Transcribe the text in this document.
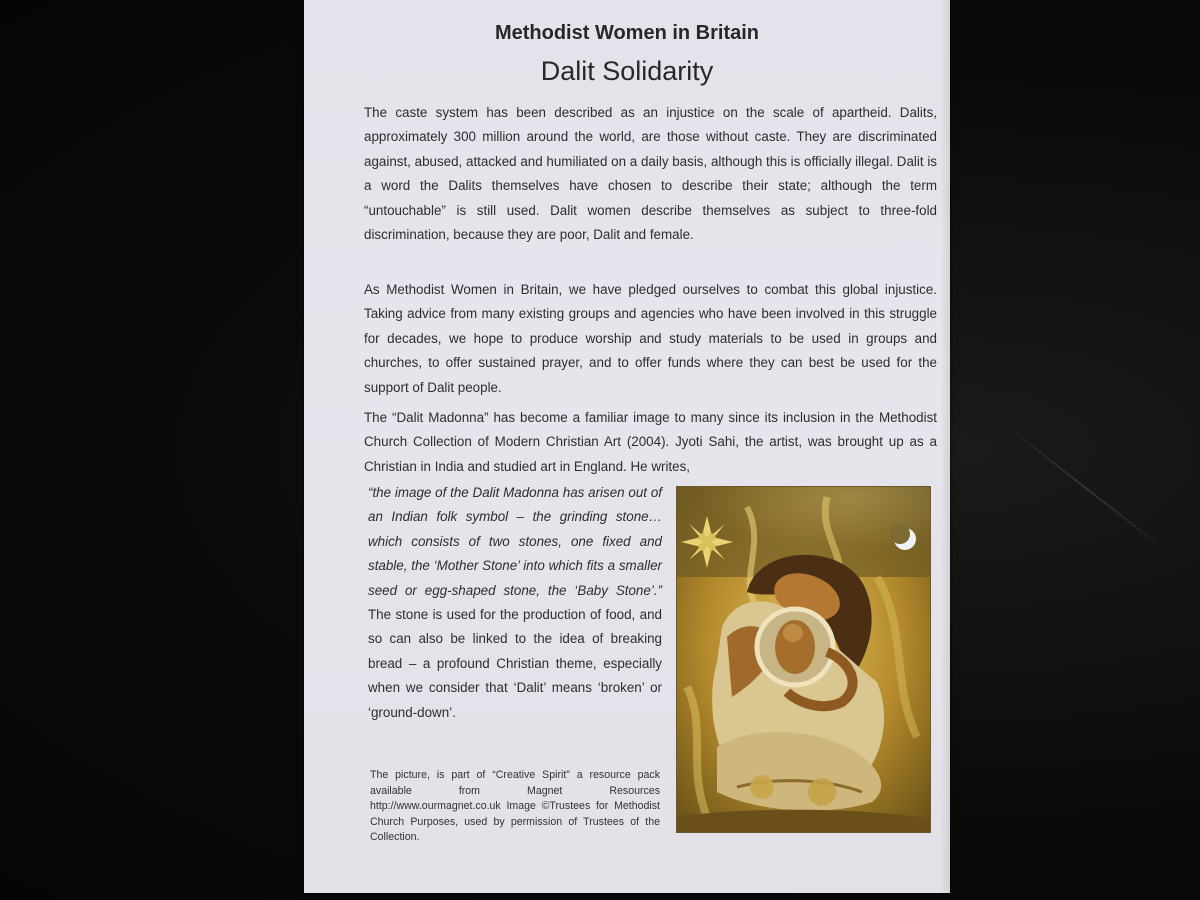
Methodist Women in Britain
Dalit Solidarity

The caste system has been described as an injustice on the scale of apartheid. Dalits, approximately 300 million around the world, are those without caste. They are discriminated against, abused, attacked and humiliated on a daily basis, although this is officially illegal. Dalit is a word the Dalits themselves have chosen to describe their state; although the term “untouchable” is still used. Dalit women describe themselves as subject to three-fold discrimination, because they are poor, Dalit and female.

As Methodist Women in Britain, we have pledged ourselves to combat this global injustice. Taking advice from many existing groups and agencies who have been involved in this struggle for decades, we hope to produce worship and study materials to be used in groups and churches, to offer sustained prayer, and to offer funds where they can best be used for the support of Dalit people.

The “Dalit Madonna” has become a familiar image to many since its inclusion in the Methodist Church Collection of Modern Christian Art (2004). Jyoti Sahi, the artist, was brought up as a Christian in India and studied art in England. He writes,

“the image of the Dalit Madonna has arisen out of an Indian folk symbol – the grinding stone… which consists of two stones, one fixed and stable, the ‘Mother Stone’ into which fits a smaller seed or egg-shaped stone, the ‘Baby Stone’.” The stone is used for the production of food, and so can also be linked to the idea of breaking bread – a profound Christian theme, especially when we consider that ‘Dalit’ means ‘broken’ or ‘ground-down’.

The picture, is part of “Creative Spirit” a resource pack available from Magnet Resources http://www.ourmagnet.co.uk Image ©Trustees for Methodist Church Purposes, used by permission of Trustees of the Collection.
